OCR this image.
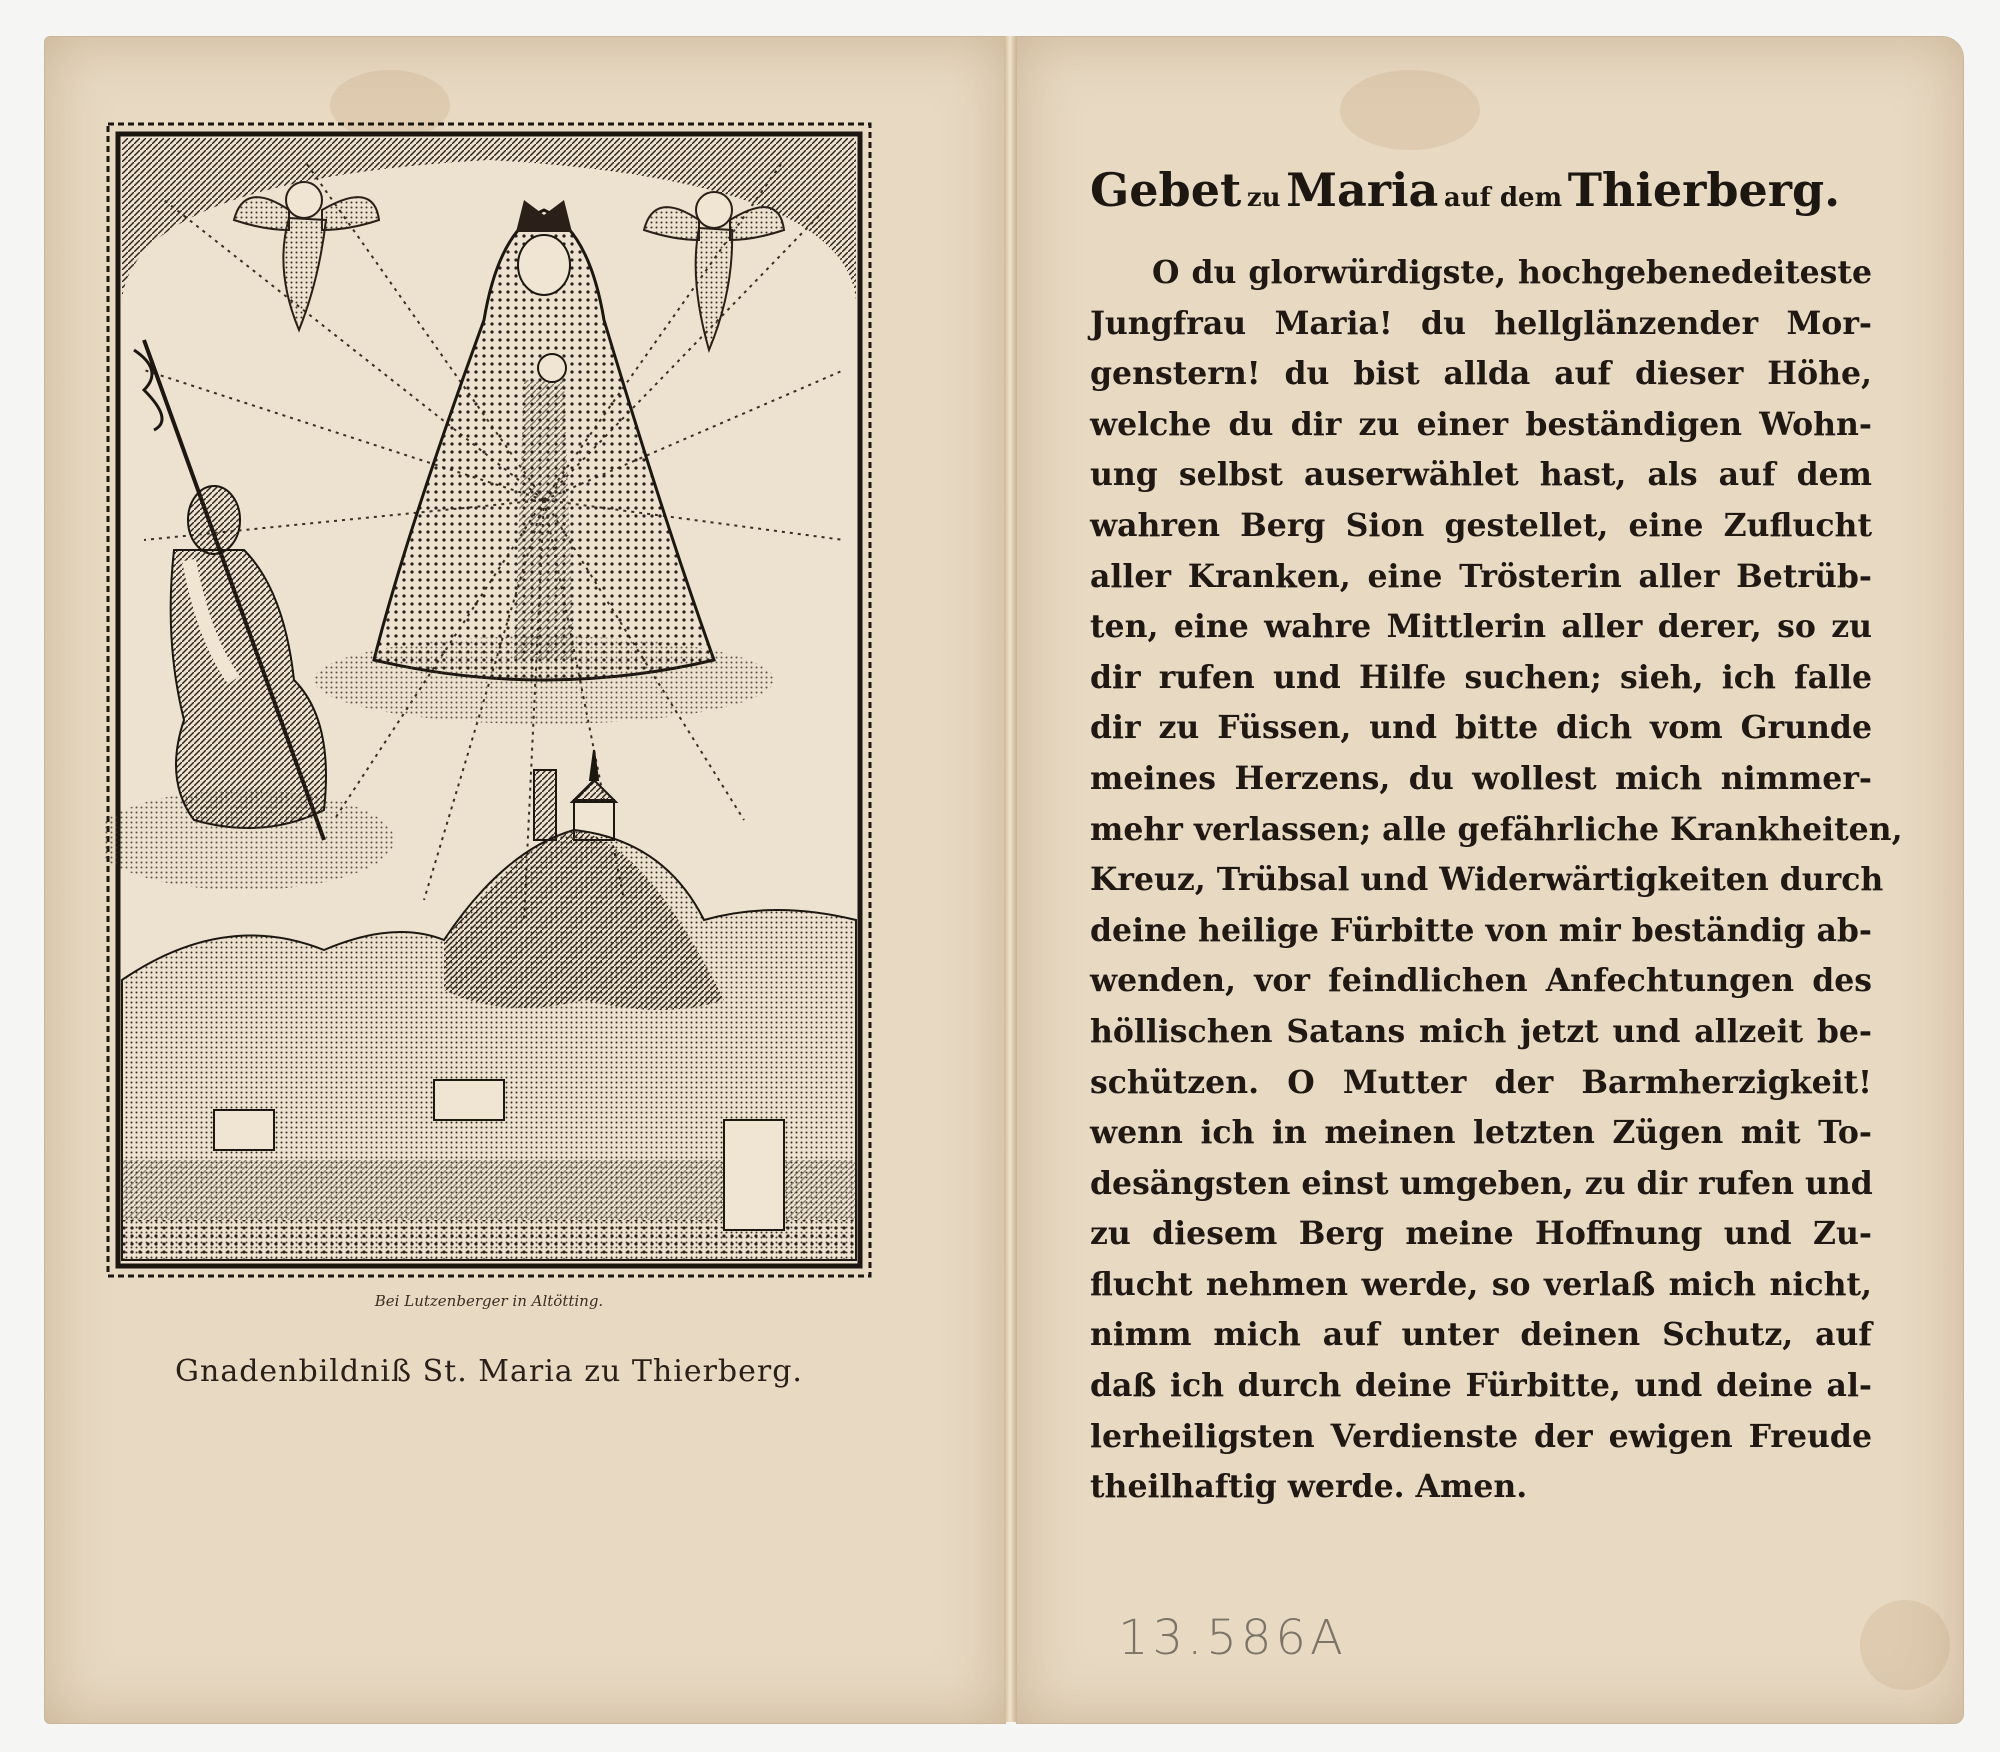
Bei Lutzenberger in Altötting.
Gnadenbildniß St. Maria zu Thierberg.
Gebet zu Maria auf dem Thierberg.
O du glorwürdigste, hochgebenedeiteste
Jungfrau Maria! du hellglänzender Mor-
genstern! du bist allda auf dieser Höhe,
welche du dir zu einer beständigen Wohn-
ung selbst auserwählet hast, als auf dem
wahren Berg Sion gestellet, eine Zuflucht
aller Kranken, eine Trösterin aller Betrüb-
ten, eine wahre Mittlerin aller derer, so zu
dir rufen und Hilfe suchen; sieh, ich falle
dir zu Füssen, und bitte dich vom Grunde
meines Herzens, du wollest mich nimmer-
mehr verlassen; alle gefährliche Krankheiten,
Kreuz, Trübsal und Widerwärtigkeiten durch
deine heilige Fürbitte von mir beständig ab-
wenden, vor feindlichen Anfechtungen des
höllischen Satans mich jetzt und allzeit be-
schützen. O Mutter der Barmherzigkeit!
wenn ich in meinen letzten Zügen mit To-
desängsten einst umgeben, zu dir rufen und
zu diesem Berg meine Hoffnung und Zu-
flucht nehmen werde, so verlaß mich nicht,
nimm mich auf unter deinen Schutz, auf
daß ich durch deine Fürbitte, und deine al-
lerheiligsten Verdienste der ewigen Freude
theilhaftig werde. Amen.
13.586A
